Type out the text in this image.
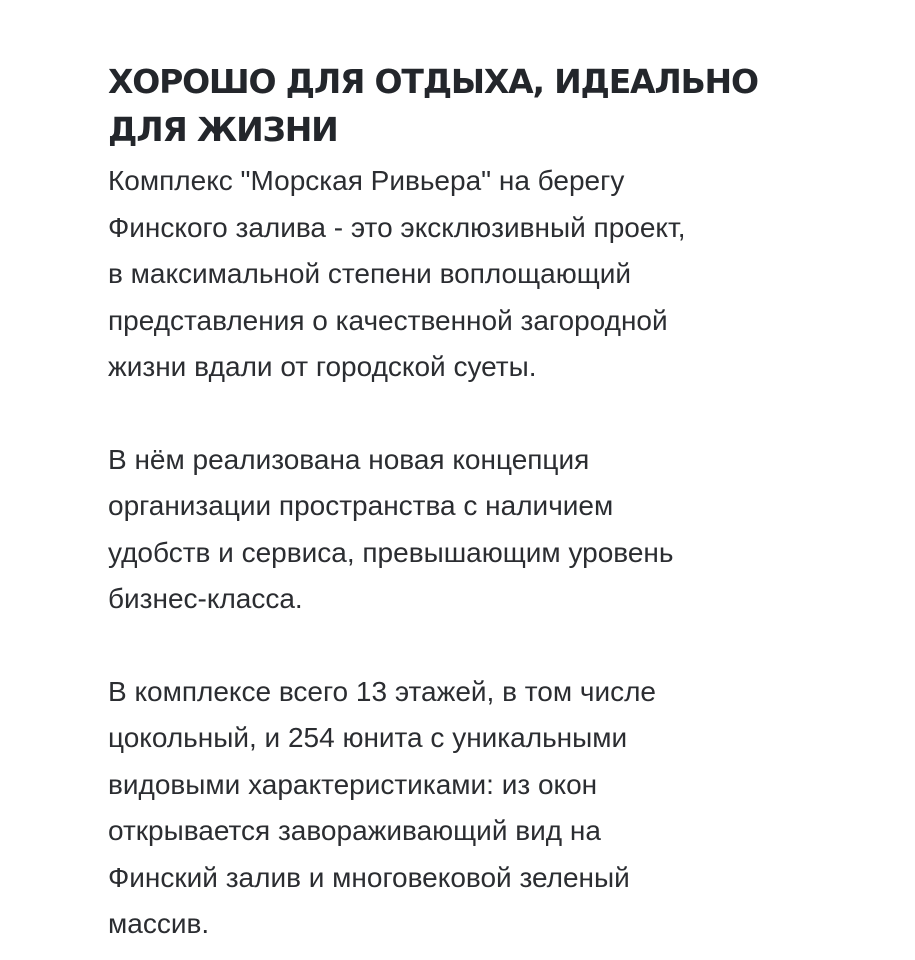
ХОРОШО ДЛЯ ОТДЫХА, ИДЕАЛЬНО ДЛЯ ЖИЗНИ

Комплекс "Морская Ривьера" на берегу
Финского залива - это эксклюзивный проект,
в максимальной степени воплощающий
представления о качественной загородной
жизни вдали от городской суеты.

В нём реализована новая концепция
организации пространства с наличием
удобств и сервиса, превышающим уровень
бизнес-класса.

В комплексе всего 13 этажей, в том числе
цокольный, и 254 юнита с уникальными
видовыми характеристиками: из окон
открывается завораживающий вид на
Финский залив и многовековой зеленый
массив.
